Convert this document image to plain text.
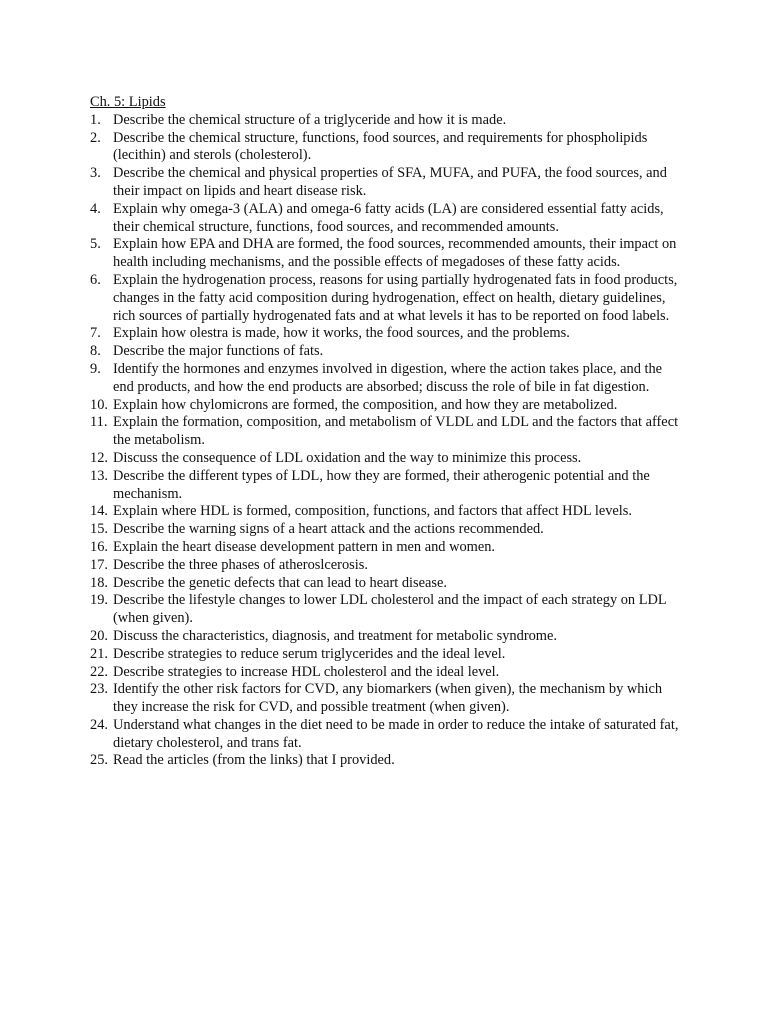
Ch. 5: Lipids

1. Describe the chemical structure of a triglyceride and how it is made.
2. Describe the chemical structure, functions, food sources, and requirements for phospholipids (lecithin) and sterols (cholesterol).
3. Describe the chemical and physical properties of SFA, MUFA, and PUFA, the food sources, and their impact on lipids and heart disease risk.
4. Explain why omega-3 (ALA) and omega-6 fatty acids (LA) are considered essential fatty acids, their chemical structure, functions, food sources, and recommended amounts.
5. Explain how EPA and DHA are formed, the food sources, recommended amounts, their impact on health including mechanisms, and the possible effects of megadoses of these fatty acids.
6. Explain the hydrogenation process, reasons for using partially hydrogenated fats in food products, changes in the fatty acid composition during hydrogenation, effect on health, dietary guidelines, rich sources of partially hydrogenated fats and at what levels it has to be reported on food labels.
7. Explain how olestra is made, how it works, the food sources, and the problems.
8. Describe the major functions of fats.
9. Identify the hormones and enzymes involved in digestion, where the action takes place, and the end products, and how the end products are absorbed; discuss the role of bile in fat digestion.
10. Explain how chylomicrons are formed, the composition, and how they are metabolized.
11. Explain the formation, composition, and metabolism of VLDL and LDL and the factors that affect the metabolism.
12. Discuss the consequence of LDL oxidation and the way to minimize this process.
13. Describe the different types of LDL, how they are formed, their atherogenic potential and the mechanism.
14. Explain where HDL is formed, composition, functions, and factors that affect HDL levels.
15. Describe the warning signs of a heart attack and the actions recommended.
16. Explain the heart disease development pattern in men and women.
17. Describe the three phases of atheroslcerosis.
18. Describe the genetic defects that can lead to heart disease.
19. Describe the lifestyle changes to lower LDL cholesterol and the impact of each strategy on LDL (when given).
20. Discuss the characteristics, diagnosis, and treatment for metabolic syndrome.
21. Describe strategies to reduce serum triglycerides and the ideal level.
22. Describe strategies to increase HDL cholesterol and the ideal level.
23. Identify the other risk factors for CVD, any biomarkers (when given), the mechanism by which they increase the risk for CVD, and possible treatment (when given).
24. Understand what changes in the diet need to be made in order to reduce the intake of saturated fat, dietary cholesterol, and trans fat.
25. Read the articles (from the links) that I provided.
